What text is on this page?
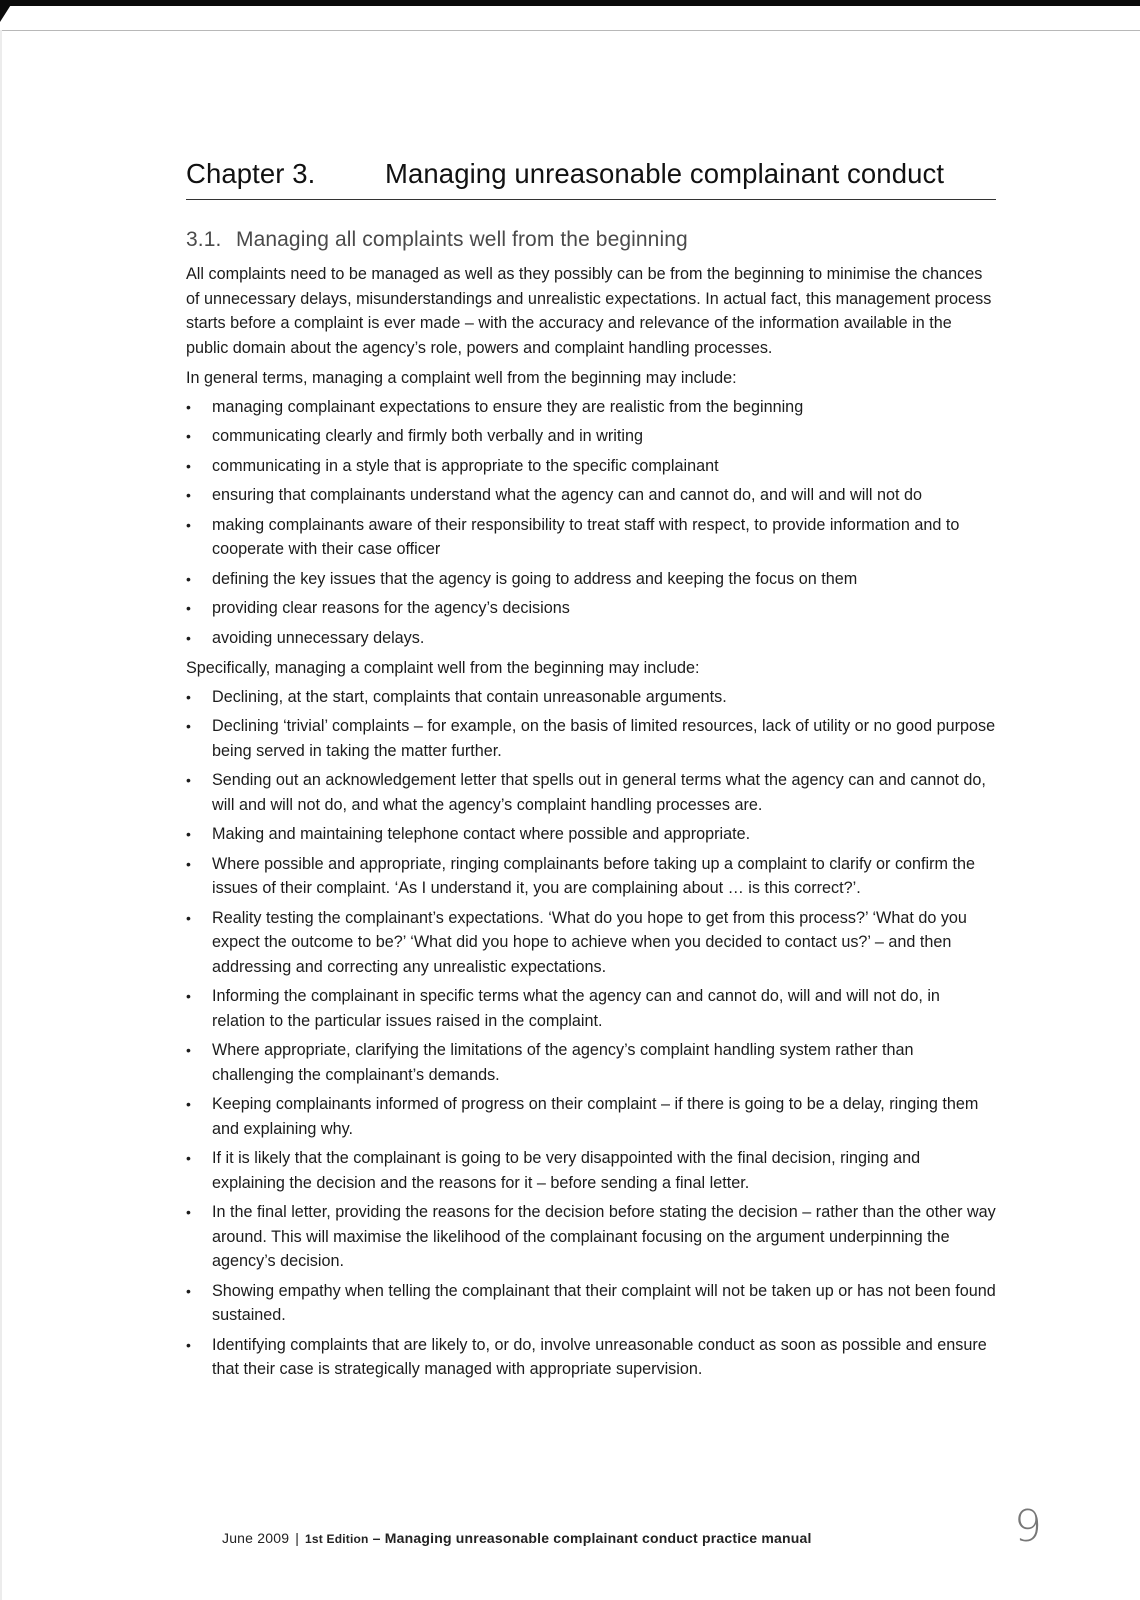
Chapter 3.	Managing unreasonable complainant conduct
3.1. Managing all complaints well from the beginning

All complaints need to be managed as well as they possibly can be from the beginning to minimise the chances of unnecessary delays, misunderstandings and unrealistic expectations. In actual fact, this management process starts before a complaint is ever made – with the accuracy and relevance of the information available in the public domain about the agency’s role, powers and complaint handling processes.

In general terms, managing a complaint well from the beginning may include:

•	managing complainant expectations to ensure they are realistic from the beginning
•	communicating clearly and firmly both verbally and in writing
•	communicating in a style that is appropriate to the specific complainant
•	ensuring that complainants understand what the agency can and cannot do, and will and will not do
•	making complainants aware of their responsibility to treat staff with respect, to provide information and to cooperate with their case officer
•	defining the key issues that the agency is going to address and keeping the focus on them
•	providing clear reasons for the agency’s decisions
•	avoiding unnecessary delays.

Specifically, managing a complaint well from the beginning may include:

•	Declining, at the start, complaints that contain unreasonable arguments.
•	Declining ‘trivial’ complaints – for example, on the basis of limited resources, lack of utility or no good purpose being served in taking the matter further.
•	Sending out an acknowledgement letter that spells out in general terms what the agency can and cannot do, will and will not do, and what the agency’s complaint handling processes are.
•	Making and maintaining telephone contact where possible and appropriate.
•	Where possible and appropriate, ringing complainants before taking up a complaint to clarify or confirm the issues of their complaint. ‘As I understand it, you are complaining about … is this correct?’.
•	Reality testing the complainant’s expectations. ‘What do you hope to get from this process?’ ‘What do you expect the outcome to be?’ ‘What did you hope to achieve when you decided to contact us?’ – and then addressing and correcting any unrealistic expectations.
•	Informing the complainant in specific terms what the agency can and cannot do, will and will not do, in relation to the particular issues raised in the complaint.
•	Where appropriate, clarifying the limitations of the agency’s complaint handling system rather than challenging the complainant’s demands.
•	Keeping complainants informed of progress on their complaint – if there is going to be a delay, ringing them and explaining why.
•	If it is likely that the complainant is going to be very disappointed with the final decision, ringing and explaining the decision and the reasons for it – before sending a final letter.
•	In the final letter, providing the reasons for the decision before stating the decision – rather than the other way around. This will maximise the likelihood of the complainant focusing on the argument underpinning the agency’s decision.
•	Showing empathy when telling the complainant that their complaint will not be taken up or has not been found sustained.
•	Identifying complaints that are likely to, or do, involve unreasonable conduct as soon as possible and ensure that their case is strategically managed with appropriate supervision.
June 2009 | 1st Edition – Managing unreasonable complainant conduct practice manual	9
